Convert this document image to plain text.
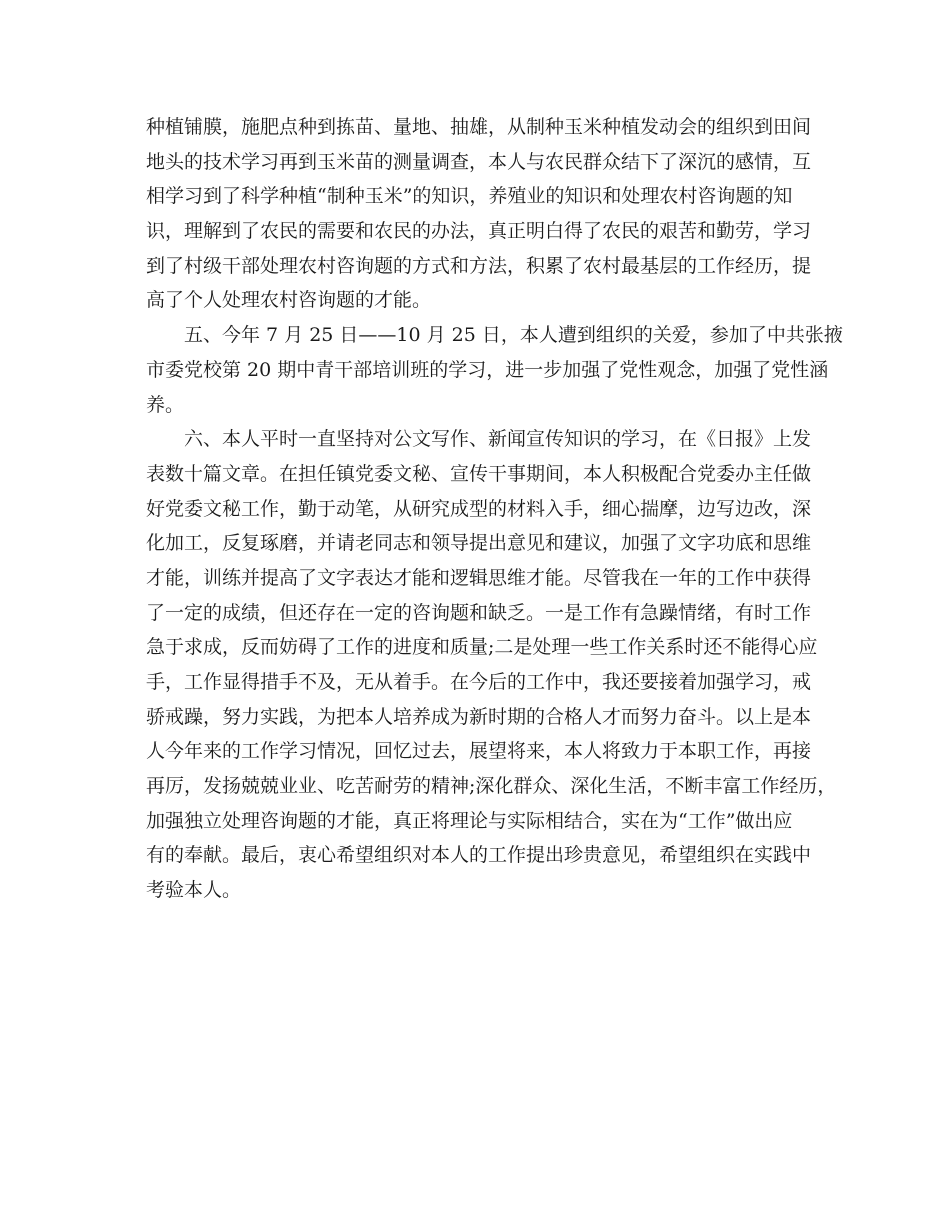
种植铺膜，施肥点种到拣苗、量地、抽雄，从制种玉米种植发动会的组织到田间
地头的技术学习再到玉米苗的测量调查，本人与农民群众结下了深沉的感情，互
相学习到了科学种植“制种玉米”的知识，养殖业的知识和处理农村咨询题的知
识，理解到了农民的需要和农民的办法，真正明白得了农民的艰苦和勤劳，学习
到了村级干部处理农村咨询题的方式和方法，积累了农村最基层的工作经历，提
高了个人处理农村咨询题的才能。
五、今年 7 月 25 日——10 月 25 日，本人遭到组织的关爱，参加了中共张掖
市委党校第 20 期中青干部培训班的学习，进一步加强了党性观念，加强了党性涵
养。
六、本人平时一直坚持对公文写作、新闻宣传知识的学习，在《日报》上发
表数十篇文章。在担任镇党委文秘、宣传干事期间，本人积极配合党委办主任做
好党委文秘工作，勤于动笔，从研究成型的材料入手，细心揣摩，边写边改，深
化加工，反复琢磨，并请老同志和领导提出意见和建议，加强了文字功底和思维
才能，训练并提高了文字表达才能和逻辑思维才能。尽管我在一年的工作中获得
了一定的成绩，但还存在一定的咨询题和缺乏。一是工作有急躁情绪，有时工作
急于求成，反而妨碍了工作的进度和质量;二是处理一些工作关系时还不能得心应
手，工作显得措手不及，无从着手。在今后的工作中，我还要接着加强学习，戒
骄戒躁，努力实践，为把本人培养成为新时期的合格人才而努力奋斗。以上是本
人今年来的工作学习情况，回忆过去，展望将来，本人将致力于本职工作，再接
再厉，发扬兢兢业业、吃苦耐劳的精神;深化群众、深化生活，不断丰富工作经历，
加强独立处理咨询题的才能，真正将理论与实际相结合，实在为“工作”做出应
有的奉献。最后，衷心希望组织对本人的工作提出珍贵意见，希望组织在实践中
考验本人。
